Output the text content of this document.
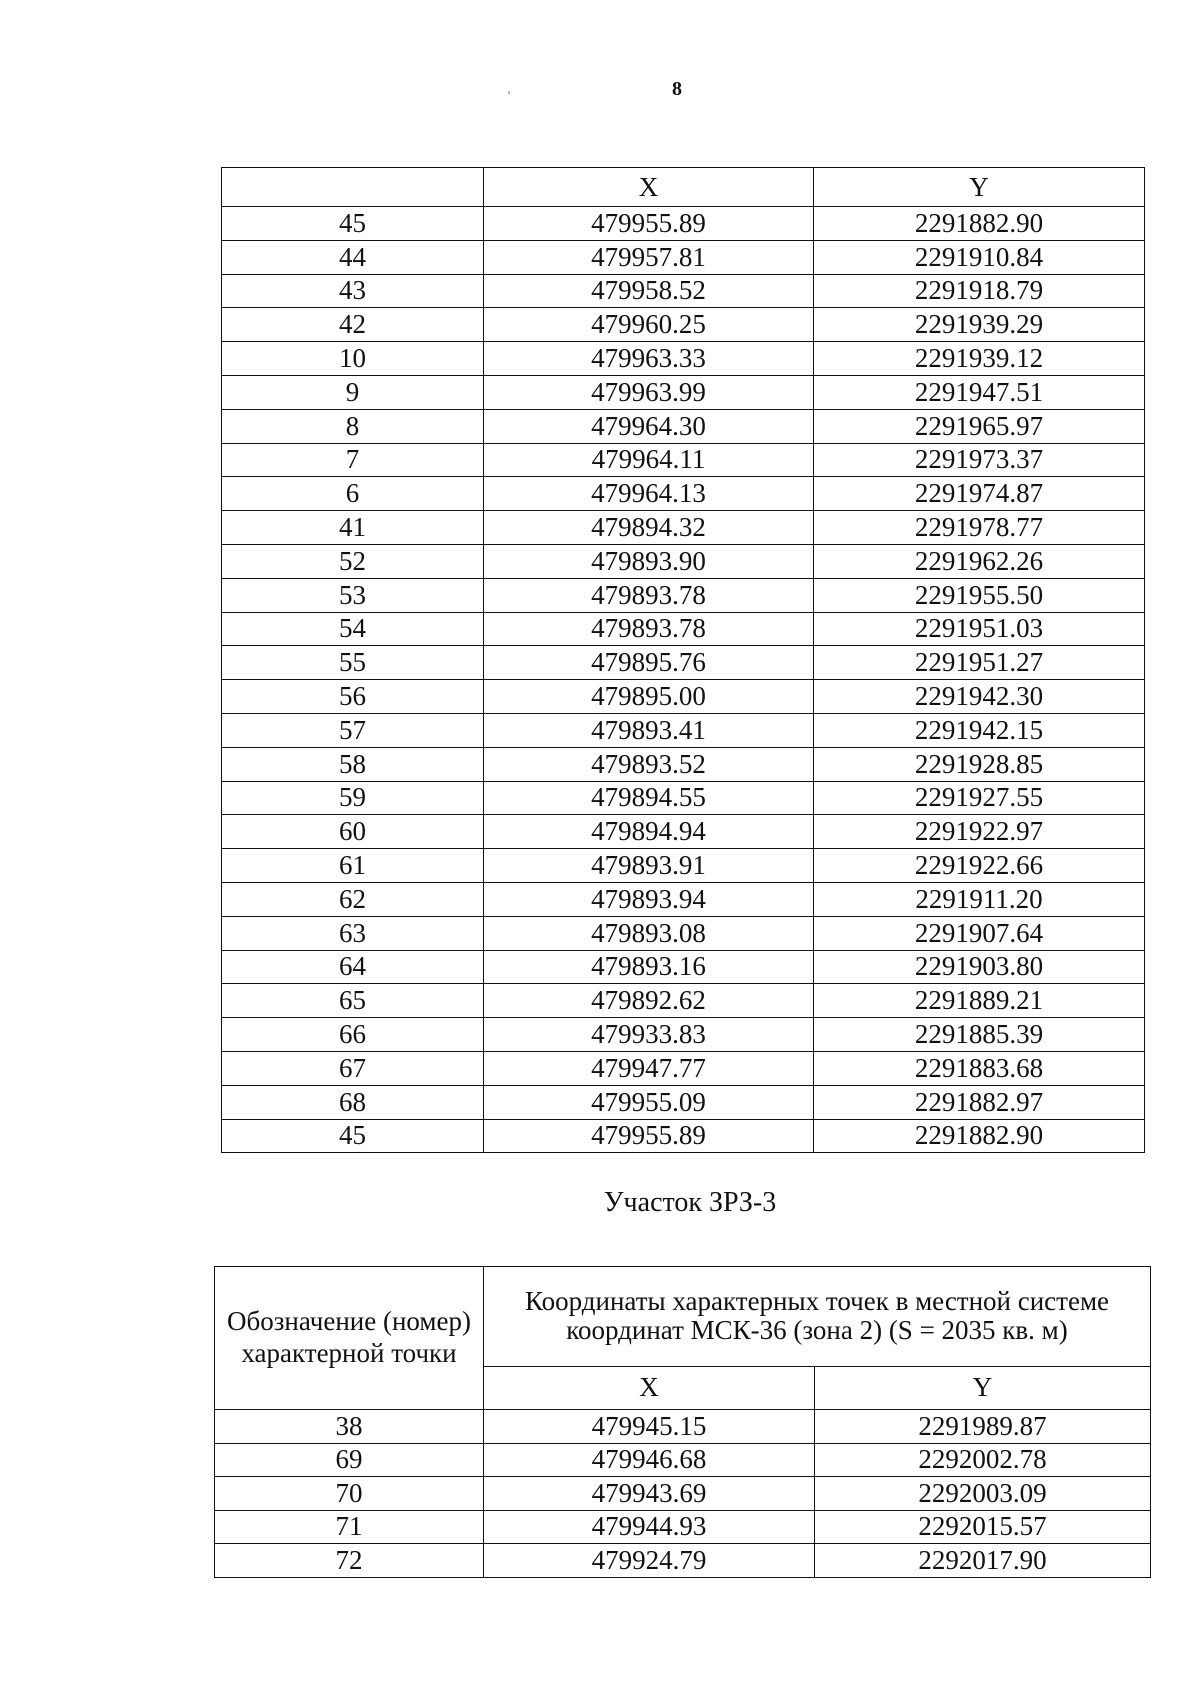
8
'
	X	Y
45	479955.89	2291882.90
44	479957.81	2291910.84
43	479958.52	2291918.79
42	479960.25	2291939.29
10	479963.33	2291939.12
9	479963.99	2291947.51
8	479964.30	2291965.97
7	479964.11	2291973.37
6	479964.13	2291974.87
41	479894.32	2291978.77
52	479893.90	2291962.26
53	479893.78	2291955.50
54	479893.78	2291951.03
55	479895.76	2291951.27
56	479895.00	2291942.30
57	479893.41	2291942.15
58	479893.52	2291928.85
59	479894.55	2291927.55
60	479894.94	2291922.97
61	479893.91	2291922.66
62	479893.94	2291911.20
63	479893.08	2291907.64
64	479893.16	2291903.80
65	479892.62	2291889.21
66	479933.83	2291885.39
67	479947.77	2291883.68
68	479955.09	2291882.97
45	479955.89	2291882.90
Участок ЗРЗ-3
Обозначение (номер) характерной точки	Координаты характерных точек в местной системе координат МСК-36 (зона 2) (S = 2035 кв. м)	
	X	Y
38	479945.15	2291989.87
69	479946.68	2292002.78
70	479943.69	2292003.09
71	479944.93	2292015.57
72	479924.79	2292017.90
